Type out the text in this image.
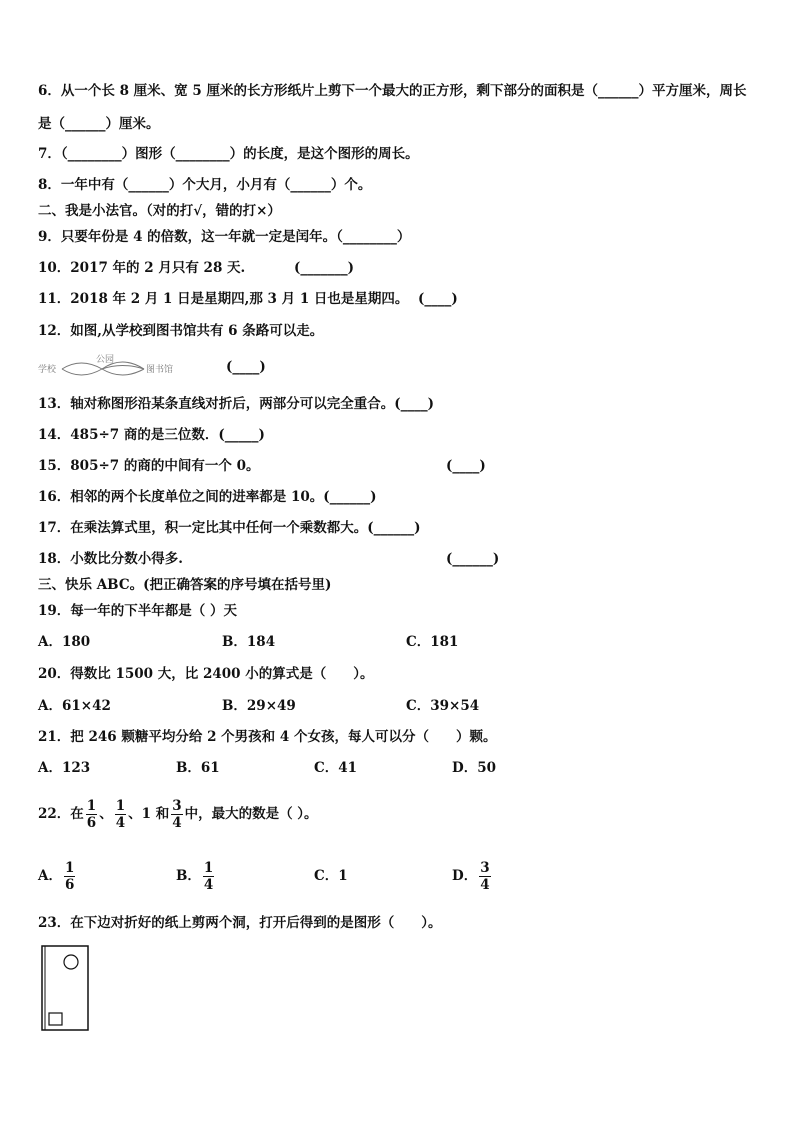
6．从一个长 8 厘米、宽 5 厘米的长方形纸片上剪下一个最大的正方形，剩下部分的面积是（______）平方厘米，周长
是（______）厘米。
7．（________）图形（________）的长度，是这个图形的周长。
8．一年中有（______）个大月，小月有（______）个。
二、我是小法官。（对的打√，错的打×）
9．只要年份是 4 的倍数，这一年就一定是闰年。（________）
10．2017 年的 2 月只有 28 天.	(_______)
11．2018 年 2 月 1 日是星期四,那 3 月 1 日也是星期四。 (____)
12．如图,从学校到图书馆共有 6 条路可以走。
学校
公园
图书馆	(____)
13．轴对称图形沿某条直线对折后，两部分可以完全重合。(____)
14．485÷7 商的是三位数．(_____)
15．805÷7 的商的中间有一个 0。	(____)
16．相邻的两个长度单位之间的进率都是 10。(______)
17．在乘法算式里，积一定比其中任何一个乘数都大。(______)
18．小数比分数小得多.	(______)
三、快乐 ABC。(把正确答案的序号填在括号里)
19．每一年的下半年都是（ ）天
A．180	B．184	C．181
20．得数比 1500 大，比 2400 小的算式是（　　）。
A．61×42	B．29×49	C．39×54
21．把 246 颗糖平均分给 2 个男孩和 4 个女孩，每人可以分（　　）颗。
A．123	B．61	C．41	D．50
22．在 $\frac{1}{6}$ 、 $\frac{1}{4}$ 、1 和 $\frac{3}{4}$ 中，最大的数是（ ）。
A． $\frac{1}{6}$	B． $\frac{1}{4}$	C．1	D． $\frac{3}{4}$
23．在下边对折好的纸上剪两个洞，打开后得到的是图形（　　）。
